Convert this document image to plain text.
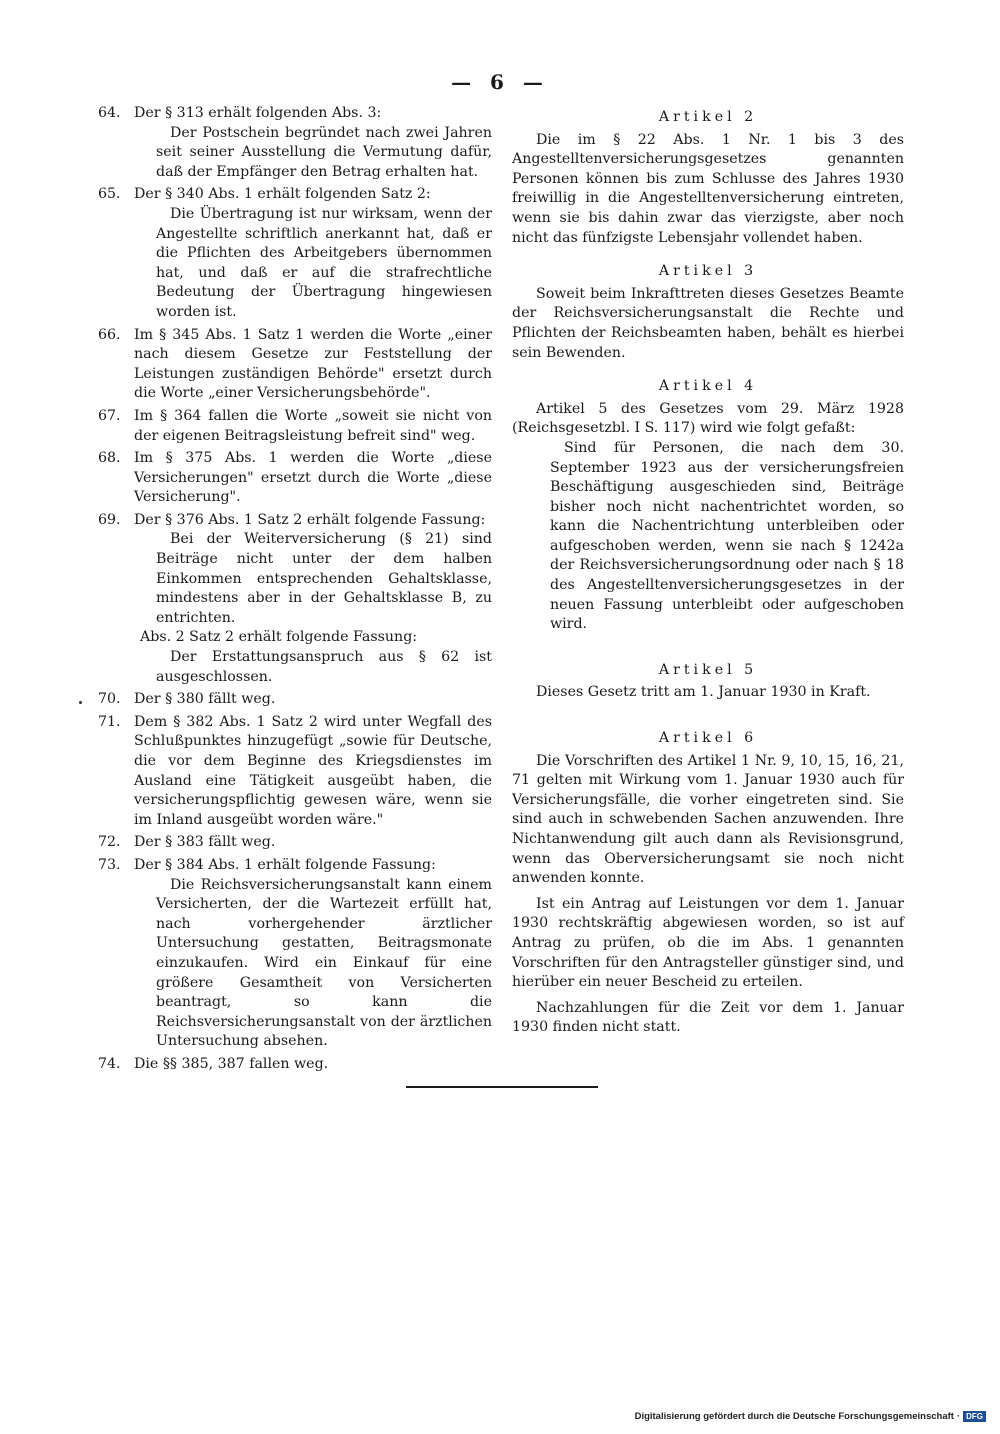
— 6 —
64. Der § 313 erhält folgenden Abs. 3:
Der Postschein begründet nach zwei Jahren seit seiner Ausstellung die Vermutung dafür, daß der Empfänger den Betrag erhalten hat.
65. Der § 340 Abs. 1 erhält folgenden Satz 2:
Die Übertragung ist nur wirksam, wenn der Angestellte schriftlich anerkannt hat, daß er die Pflichten des Arbeitgebers übernommen hat, und daß er auf die strafrechtliche Bedeutung der Übertragung hingewiesen worden ist.
66. Im § 345 Abs. 1 Satz 1 werden die Worte „einer nach diesem Gesetze zur Feststellung der Leistungen zuständigen Behörde" ersetzt durch die Worte „einer Versicherungsbehörde".
67. Im § 364 fallen die Worte „soweit sie nicht von der eigenen Beitragsleistung befreit sind" weg.
68. Im § 375 Abs. 1 werden die Worte „diese Versicherungen" ersetzt durch die Worte „diese Versicherung".
69. Der § 376 Abs. 1 Satz 2 erhält folgende Fassung:
Bei der Weiterversicherung (§ 21) sind Beiträge nicht unter der dem halben Einkommen entsprechenden Gehaltsklasse, mindestens aber in der Gehaltsklasse B, zu entrichten.
Abs. 2 Satz 2 erhält folgende Fassung:
Der Erstattungsanspruch aus § 62 ist ausgeschlossen.
70. Der § 380 fällt weg.
71. Dem § 382 Abs. 1 Satz 2 wird unter Wegfall des Schlußpunktes hinzugefügt „sowie für Deutsche, die vor dem Beginne des Kriegsdienstes im Ausland eine Tätigkeit ausgeübt haben, die versicherungspflichtig gewesen wäre, wenn sie im Inland ausgeübt worden wäre."
72. Der § 383 fällt weg.
73. Der § 384 Abs. 1 erhält folgende Fassung:
Die Reichsversicherungsanstalt kann einem Versicherten, der die Wartezeit erfüllt hat, nach vorhergehender ärztlicher Untersuchung gestatten, Beitragsmonate einzukaufen. Wird ein Einkauf für eine größere Gesamtheit von Versicherten beantragt, so kann die Reichsversicherungsanstalt von der ärztlichen Untersuchung absehen.
74. Die §§ 385, 387 fallen weg.
Artikel 2

Die im § 22 Abs. 1 Nr. 1 bis 3 des Angestelltenversicherungsgesetzes genannten Personen können bis zum Schlusse des Jahres 1930 freiwillig in die Angestelltenversicherung eintreten, wenn sie bis dahin zwar das vierzigste, aber noch nicht das fünfzigste Lebensjahr vollendet haben.

Artikel 3

Soweit beim Inkrafttreten dieses Gesetzes Beamte der Reichsversicherungsanstalt die Rechte und Pflichten der Reichsbeamten haben, behält es hierbei sein Bewenden.

Artikel 4

Artikel 5 des Gesetzes vom 29. März 1928 (Reichsgesetzbl. I S. 117) wird wie folgt gefaßt:

Sind für Personen, die nach dem 30. September 1923 aus der versicherungsfreien Beschäftigung ausgeschieden sind, Beiträge bisher noch nicht nachentrichtet worden, so kann die Nachentrichtung unterbleiben oder aufgeschoben werden, wenn sie nach § 1242a der Reichsversicherungsordnung oder nach § 18 des Angestelltenversicherungsgesetzes in der neuen Fassung unterbleibt oder aufgeschoben wird.

Artikel 5

Dieses Gesetz tritt am 1. Januar 1930 in Kraft.

Artikel 6

Die Vorschriften des Artikel 1 Nr. 9, 10, 15, 16, 21, 71 gelten mit Wirkung vom 1. Januar 1930 auch für Versicherungsfälle, die vorher eingetreten sind. Sie sind auch in schwebenden Sachen anzuwenden. Ihre Nichtanwendung gilt auch dann als Revisionsgrund, wenn das Oberversicherungsamt sie noch nicht anwenden konnte.

Ist ein Antrag auf Leistungen vor dem 1. Januar 1930 rechtskräftig abgewiesen worden, so ist auf Antrag zu prüfen, ob die im Abs. 1 genannten Vorschriften für den Antragsteller günstiger sind, und hierüber ein neuer Bescheid zu erteilen.

Nachzahlungen für die Zeit vor dem 1. Januar 1930 finden nicht statt.

Digitalisierung gefördert durch die Deutsche Forschungsgemeinschaft · DFG
